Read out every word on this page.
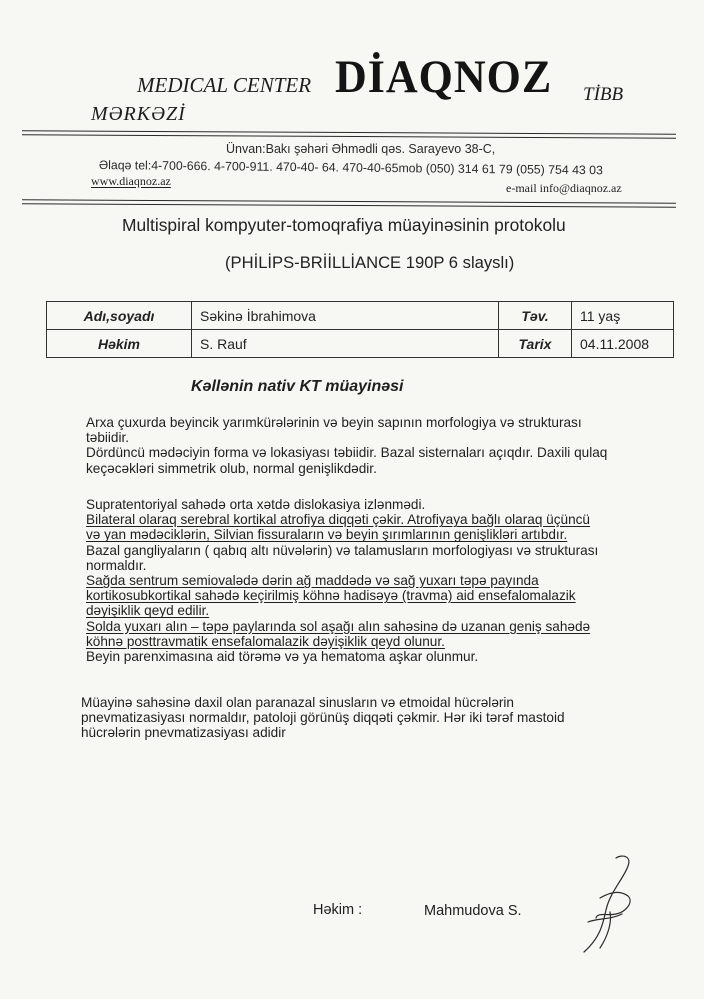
MEDICAL CENTER DİAQNOZ TİBB
MƏRKƏZİ
Ünvan:Bakı şəhəri Əhmədli qəs. Sarayevo 38-C,
Əlaqə tel:4-700-666. 4-700-911. 470-40- 64. 470-40-65mob (050) 314 61 79 (055) 754 43 03
www.diaqnoz.az	e-mail info@diaqnoz.az
Multispiral kompyuter-tomoqrafiya müayinəsinin protokolu
(PHİLİPS-BRİİLLİANCE 190P 6 slayslı)
Adı,soyadı	Səkinə İbrahimova	Təv.	11 yaş
Həkim	S. Rauf	Tarix	04.11.2008
Kəllənin nativ KT müayinəsi
Arxa çuxurda beyincik yarımkürələrinin və beyin sapının morfologiya və strukturası
təbiidir.
Dördüncü mədəciyin forma və lokasiyası təbiidir. Bazal sisternaları açıqdır. Daxili qulaq
keçəcəkləri simmetrik olub, normal genişlikdədir.
Supratentoriyal sahədə orta xətdə dislokasiya izlənmədi.
Bilateral olaraq serebral kortikal atrofiya diqqəti çəkir. Atrofiyaya bağlı olaraq üçüncü
və yan mədəciklərin, Silvian fissuraların və beyin şırımlarının genişlikləri artıbdır.
Bazal gangliyaların ( qabıq altı nüvələrin) və talamusların morfologiyası və strukturası
normaldır.
Sağda sentrum semiovalədə dərin ağ maddədə və sağ yuxarı təpə payında
kortikosubkortikal sahədə keçirilmiş köhnə hadisəyə (travma) aid ensefalomalazik
dəyişiklik qeyd edilir.
Solda yuxarı alın – təpə paylarında sol aşağı alın sahəsinə də uzanan geniş sahədə
köhnə posttravmatik ensefalomalazik dəyişiklik qeyd olunur.
Beyin parenximasına aid törəmə və ya hematoma aşkar olunmur.
Müayinə sahəsinə daxil olan paranazal sinusların və etmoidal hücrələrin
pnevmatizasiyası normaldır, patoloji görünüş diqqəti çəkmir. Hər iki tərəf mastoid
hücrələrin pnevmatizasiyası adidir
Həkim :	Mahmudova S.
